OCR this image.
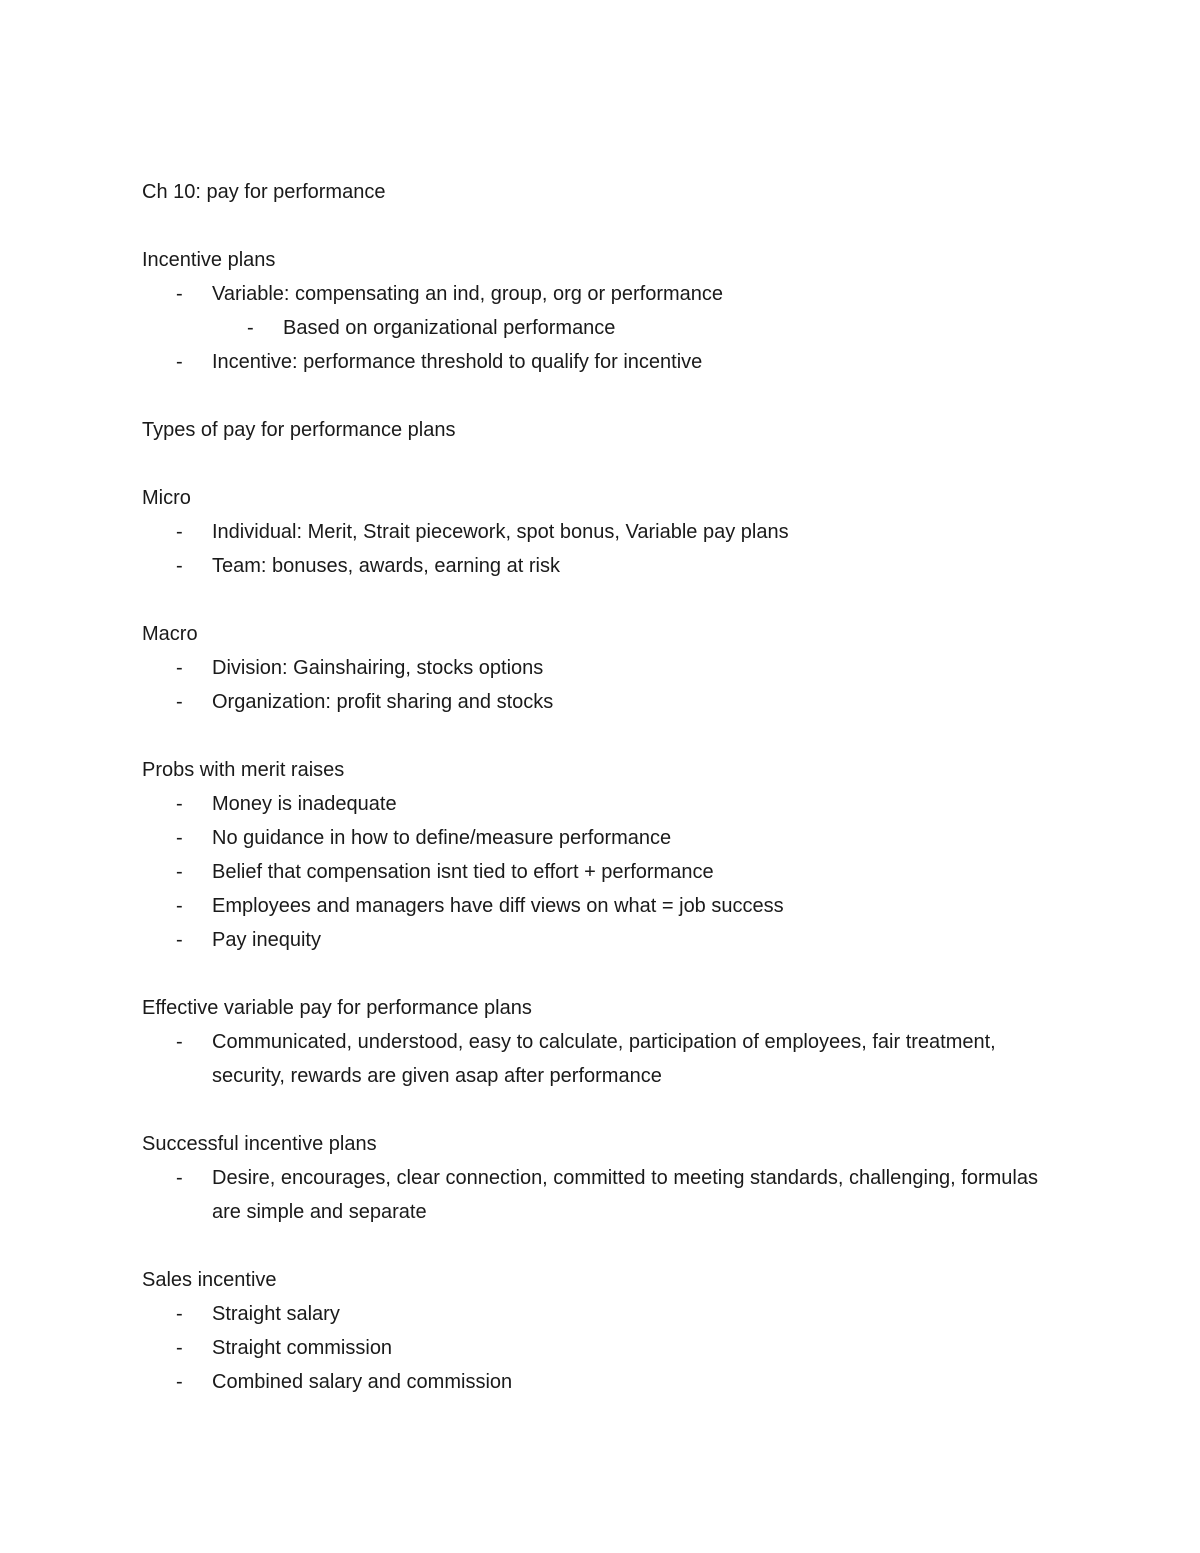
Ch 10: pay for performance
Incentive plans
-	Variable: compensating an ind, group, org or performance
-	Based on organizational performance
-	Incentive: performance threshold to qualify for incentive
Types of pay for performance plans
Micro
-	Individual: Merit, Strait piecework, spot bonus, Variable pay plans
-	Team: bonuses, awards, earning at risk
Macro
-	Division: Gainshairing, stocks options
-	Organization: profit sharing and stocks
Probs with merit raises
-	Money is inadequate
-	No guidance in how to define/measure performance
-	Belief that compensation isnt tied to effort + performance
-	Employees and managers have diff views on what = job success
-	Pay inequity
Effective variable pay for performance plans
-	Communicated, understood, easy to calculate, participation of employees, fair treatment, security, rewards are given asap after performance
Successful incentive plans
-	Desire, encourages, clear connection, committed to meeting standards, challenging, formulas are simple and separate
Sales incentive
-	Straight salary
-	Straight commission
-	Combined salary and commission
